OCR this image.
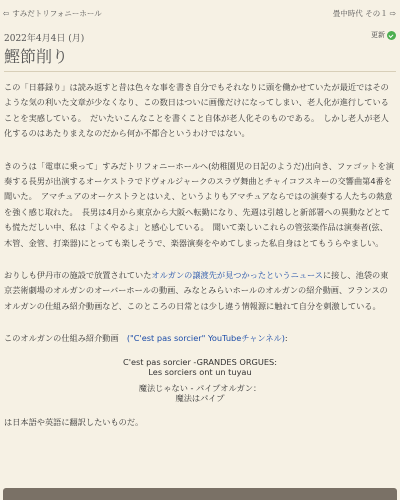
⇦ すみだトリフォニーホール	畳中時代 その１ ⇨
2022年4月4日 (月)	更新
鰹節削り

この「日暮録り」は読み返すと昔は色々な事を書き自分でもそれなりに頭を働かせていたが最近ではそのような気の利いた文章が少なくなり、この数日はついに画像だけになってしまい、老人化が進行していることを実感している。　だいたいこんなことを書くこと自体が老人化そのものである。　しかし老人が老人化するのはあたりまえなのだから何か不都合というわけではない。

きのうは「電車に乗って」すみだトリフォニーホールへ(幼稚園児の日記のようだ)出向き、ファゴットを演奏する長男が出演するオーケストラでドヴォルジャークのスラヴ舞曲とチャイコフスキーの交響曲第4番を聞いた。　アマチュアのオーケストラとはいえ、というよりもアマチュアならではの演奏する人たちの熱意を強く感じ取れた。　長男は4月から東京から大阪へ転勤になり、先週は引越しと新部署への異動などとても慌ただしい中、私は「よくやるよ」と感心している。　聞いて楽しいこれらの管弦楽作品は演奏者(弦、木管、金管、打楽器)にとっても楽しそうで、楽器演奏をやめてしまった私自身はとてもうらやましい。

おりしも伊丹市の施設で放置されていたオルガンの譲渡先が見つかったというニュースに接し、池袋の東京芸術劇場のオルガンのオーバーホールの動画、みなとみらいホールのオルガンの紹介動画、フランスのオルガンの仕組み紹介動画など、このところの日常とは少し違う情報源に触れて自分を刺激している。

このオルガンの仕組み紹介動画　("C'est pas sorcier" YouTubeチャンネル):

C'est pas sorcier -GRANDES ORGUES:
Les sorciers ont un tuyau
魔法じゃない - パイプオルガン：
魔法はパイプ

は日本語や英語に翻訳したいものだ。
